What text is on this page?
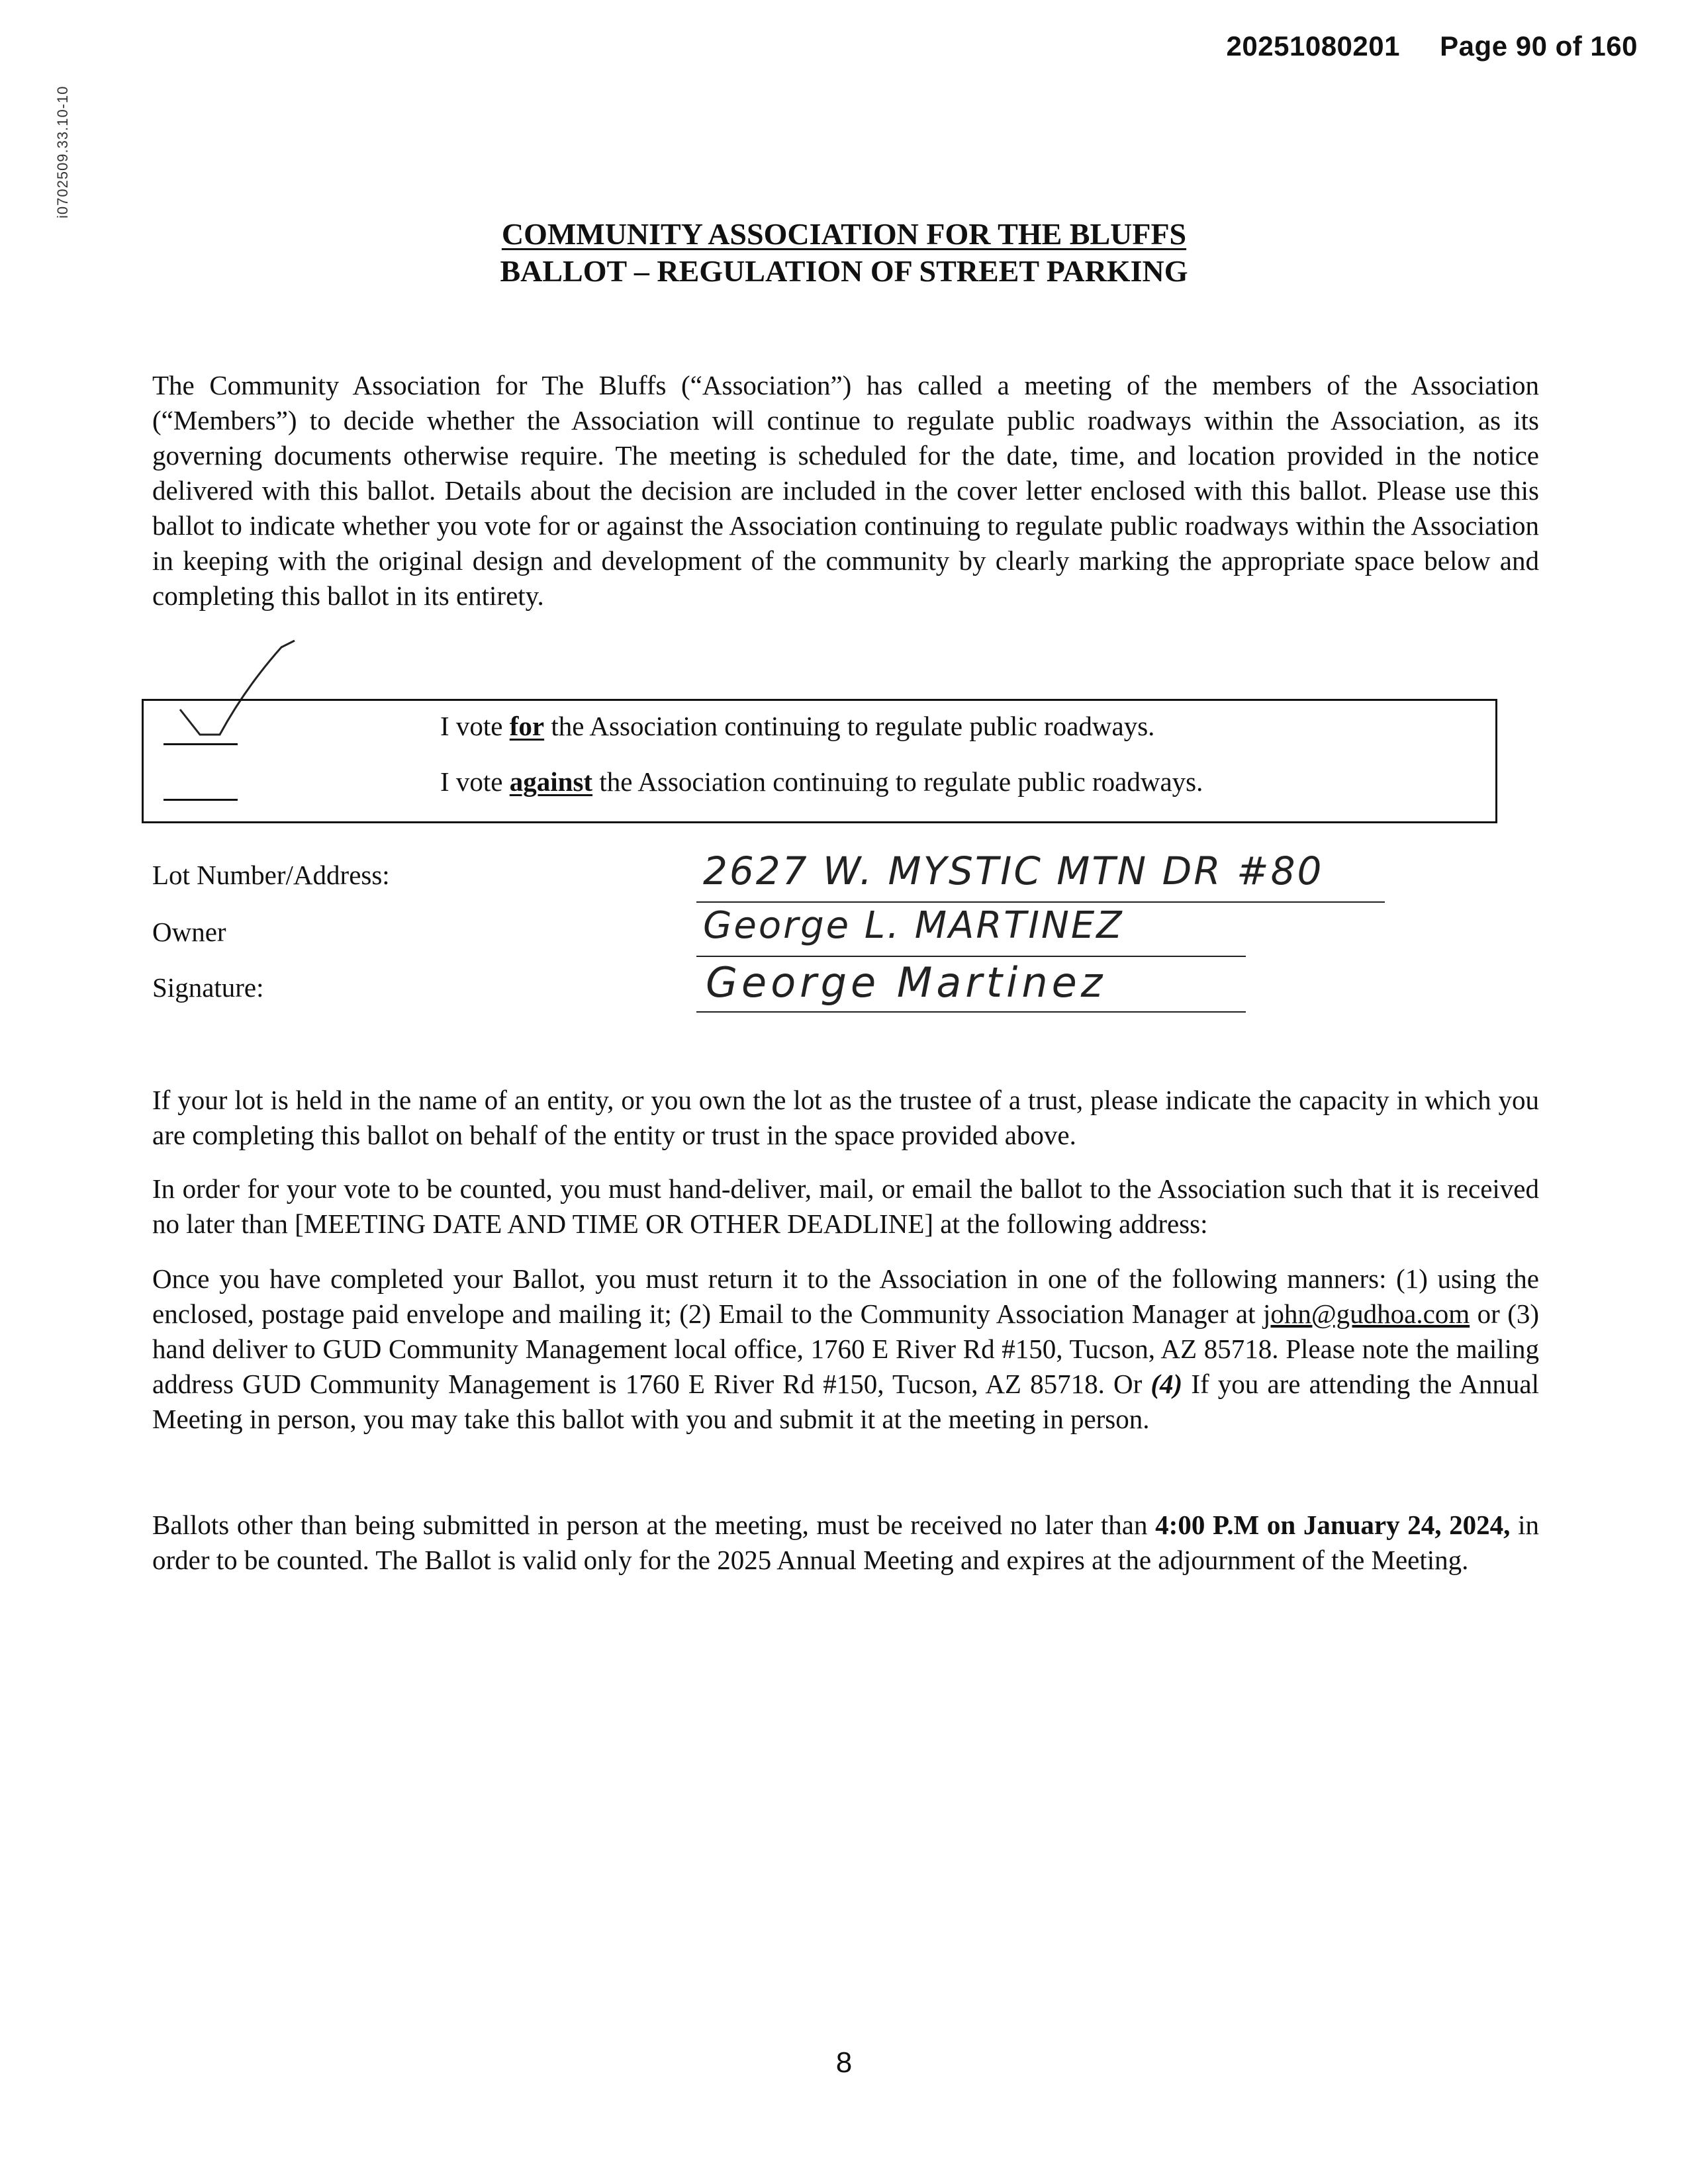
20251080201 Page 90 of 160
i0702509.33.10-10
COMMUNITY ASSOCIATION FOR THE BLUFFS
BALLOT – REGULATION OF STREET PARKING

The Community Association for The Bluffs (“Association”) has called a meeting of the members of the Association (“Members”) to decide whether the Association will continue to regulate public roadways within the Association, as its governing documents otherwise require. The meeting is scheduled for the date, time, and location provided in the notice delivered with this ballot. Details about the decision are included in the cover letter enclosed with this ballot. Please use this ballot to indicate whether you vote for or against the Association continuing to regulate public roadways within the Association in keeping with the original design and development of the community by clearly marking the appropriate space below and completing this ballot in its entirety.

I vote for the Association continuing to regulate public roadways.
I vote against the Association continuing to regulate public roadways.
Lot Number/Address:	2627 W. MYSTIC MTN DR #80
Owner	George L. MARTINEZ
Signature:	George Martinez

If your lot is held in the name of an entity, or you own the lot as the trustee of a trust, please indicate the capacity in which you are completing this ballot on behalf of the entity or trust in the space provided above.

In order for your vote to be counted, you must hand-deliver, mail, or email the ballot to the Association such that it is received no later than [MEETING DATE AND TIME OR OTHER DEADLINE] at the following address:

Once you have completed your Ballot, you must return it to the Association in one of the following manners: (1) using the enclosed, postage paid envelope and mailing it; (2) Email to the Community Association Manager at john@gudhoa.com or (3) hand deliver to GUD Community Management local office, 1760 E River Rd #150, Tucson, AZ 85718. Please note the mailing address GUD Community Management is 1760 E River Rd #150, Tucson, AZ 85718. Or (4) If you are attending the Annual Meeting in person, you may take this ballot with you and submit it at the meeting in person.

Ballots other than being submitted in person at the meeting, must be received no later than 4:00 P.M on January 24, 2024, in order to be counted. The Ballot is valid only for the 2025 Annual Meeting and expires at the adjournment of the Meeting.

8
